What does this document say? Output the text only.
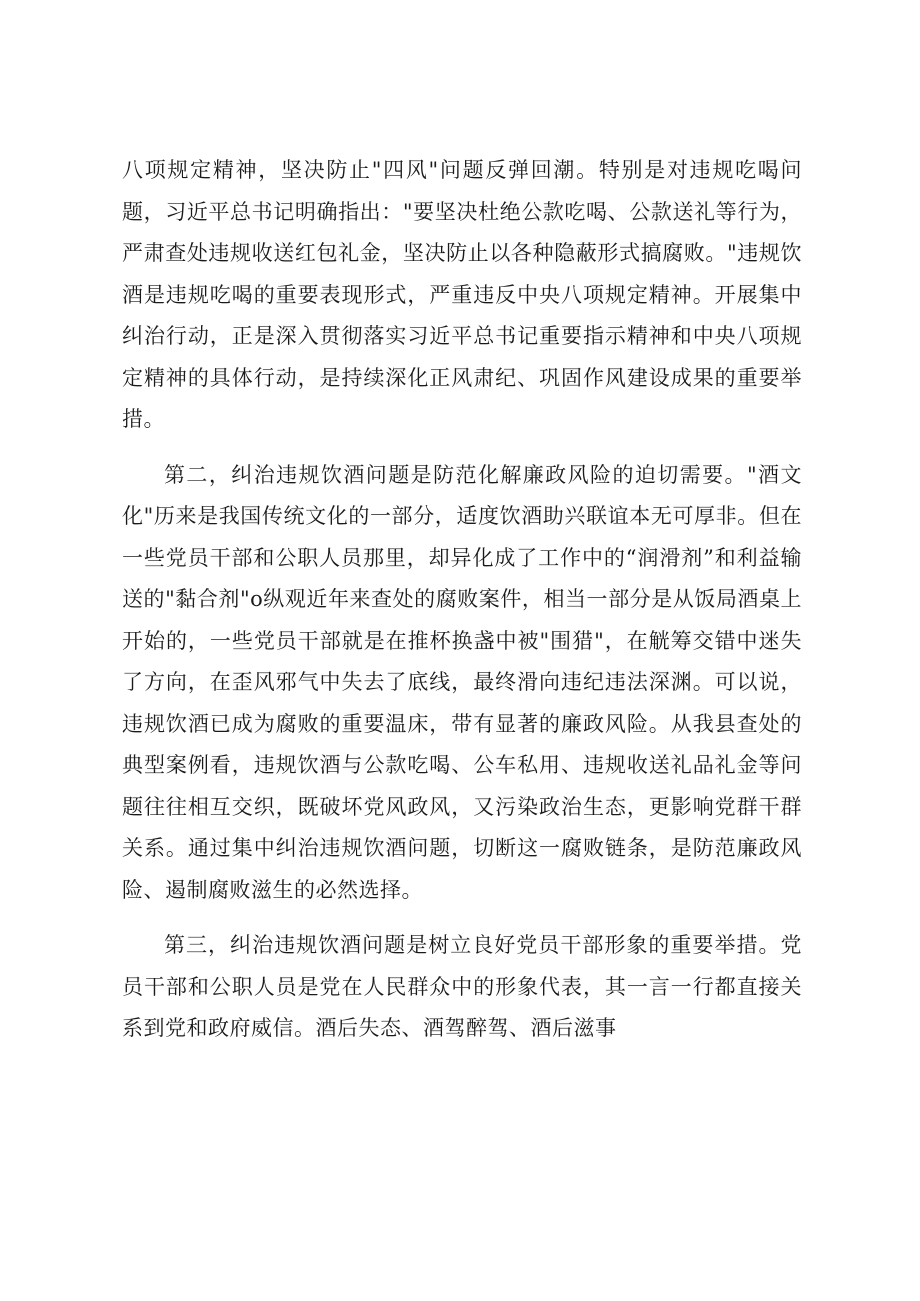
八项规定精神，坚决防止"四风"问题反弹回潮。特别是对违规吃喝问题，习近平总书记明确指出："要坚决杜绝公款吃喝、公款送礼等行为，严肃查处违规收送红包礼金，坚决防止以各种隐蔽形式搞腐败。"违规饮酒是违规吃喝的重要表现形式，严重违反中央八项规定精神。开展集中纠治行动，正是深入贯彻落实习近平总书记重要指示精神和中央八项规定精神的具体行动，是持续深化正风肃纪、巩固作风建设成果的重要举措。

第二，纠治违规饮酒问题是防范化解廉政风险的迫切需要。"酒文化"历来是我国传统文化的一部分，适度饮酒助兴联谊本无可厚非。但在一些党员干部和公职人员那里，却异化成了工作中的“润滑剂”和利益输送的"黏合剂"o纵观近年来查处的腐败案件，相当一部分是从饭局酒桌上开始的，一些党员干部就是在推杯换盏中被"围猎"，在觥筹交错中迷失了方向，在歪风邪气中失去了底线，最终滑向违纪违法深渊。可以说，违规饮酒已成为腐败的重要温床，带有显著的廉政风险。从我县查处的典型案例看，违规饮酒与公款吃喝、公车私用、违规收送礼品礼金等问题往往相互交织，既破坏党风政风，又污染政治生态，更影响党群干群关系。通过集中纠治违规饮酒问题，切断这一腐败链条，是防范廉政风险、遏制腐败滋生的必然选择。

第三，纠治违规饮酒问题是树立良好党员干部形象的重要举措。党员干部和公职人员是党在人民群众中的形象代表，其一言一行都直接关系到党和政府威信。酒后失态、酒驾醉驾、酒后滋事
